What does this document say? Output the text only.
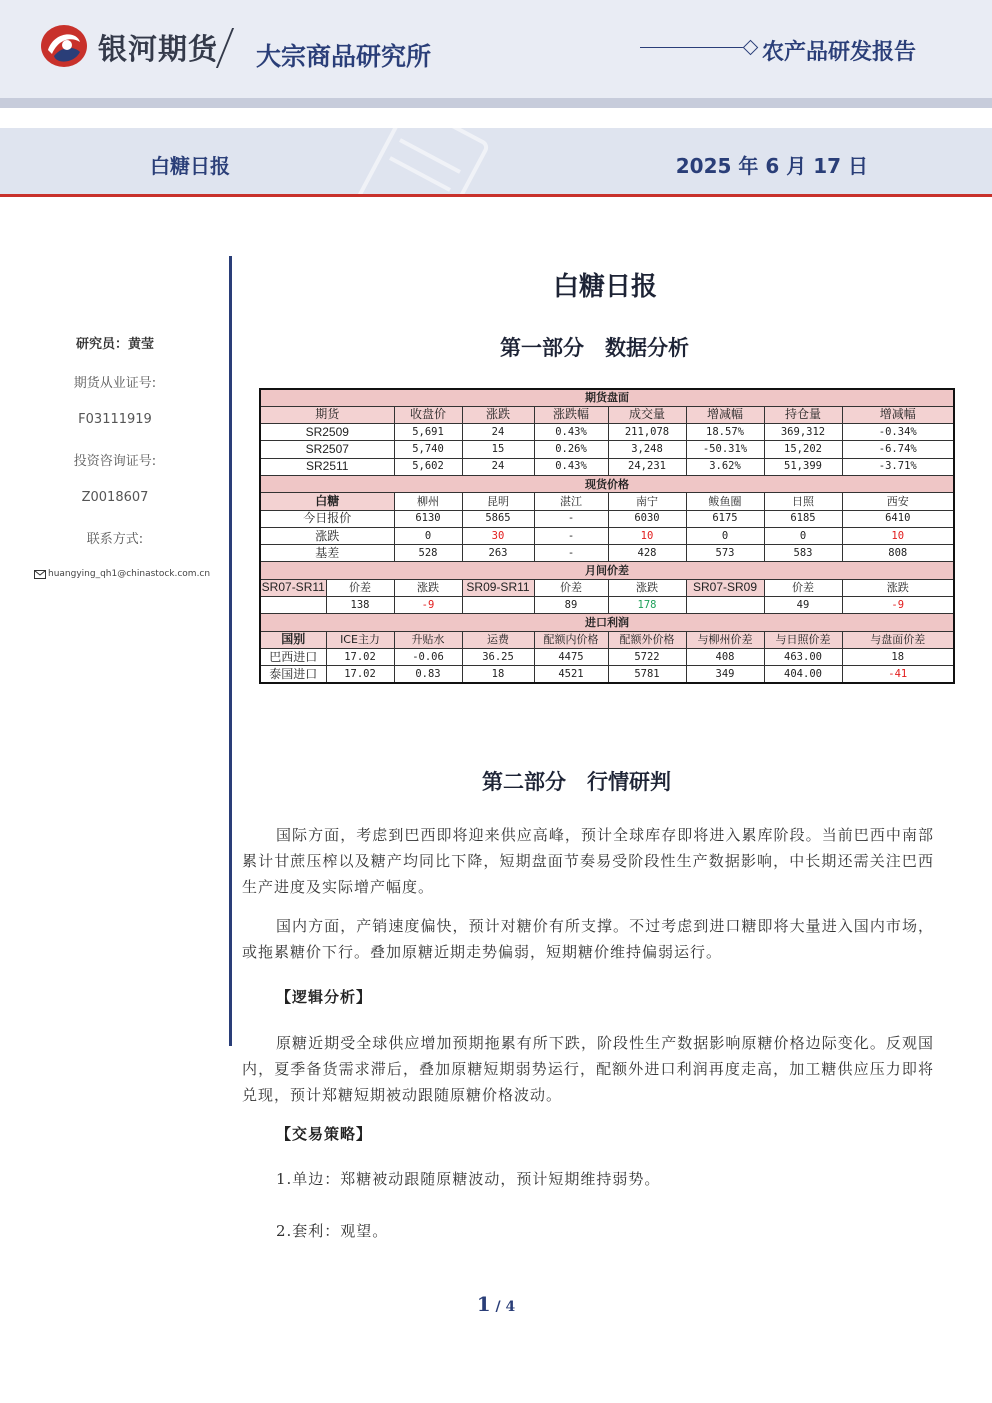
银河期货 大宗商品研究所	农产品研发报告
白糖日报	2025 年 6 月 17 日
研究员：黄莹
期货从业证号:
F03111919
投资咨询证号:
Z0018607
联系方式:
huangying_qh1@chinastock.com.cn
白糖日报
第一部分　数据分析
期货盘面								
期货		收盘价	涨跌	涨跌幅	成交量	增减幅	持仓量	增减幅
SR2509		5,691	24	0.43%	211,078	18.57%	369,312	-0.34%
SR2507		5,740	15	0.26%	3,248	-50.31%	15,202	-6.74%
SR2511		5,602	24	0.43%	24,231	3.62%	51,399	-3.71%
现货价格								
白糖		柳州	昆明	湛江	南宁	鲅鱼圈	日照	西安
今日报价		6130	5865	-	6030	6175	6185	6410
涨跌		0	30	-	10	0	0	10
基差		528	263	-	428	573	583	808
月间价差								
SR07-SR11	价差	涨跌	SR09-SR11	价差	涨跌	SR07-SR09	价差	涨跌
	138	-9		89	178		49	-9
进口利润								
国别	ICE主力	升贴水	运费	配额内价格	配额外价格	与柳州价差	与日照价差	与盘面价差
巴西进口	17.02	-0.06	36.25	4475	5722	408	463.00	18
泰国进口	17.02	0.83	18	4521	5781	349	404.00	-41
第二部分　行情研判

国际方面，考虑到巴西即将迎来供应高峰，预计全球库存即将进入累库阶段。当前巴西中南部累计甘蔗压榨以及糖产均同比下降，短期盘面节奏易受阶段性生产数据影响，中长期还需关注巴西生产进度及实际增产幅度。

国内方面，产销速度偏快，预计对糖价有所支撑。不过考虑到进口糖即将大量进入国内市场，或拖累糖价下行。叠加原糖近期走势偏弱，短期糖价维持偏弱运行。

【逻辑分析】

原糖近期受全球供应增加预期拖累有所下跌，阶段性生产数据影响原糖价格边际变化。反观国内，夏季备货需求滞后，叠加原糖短期弱势运行，配额外进口利润再度走高，加工糖供应压力即将兑现，预计郑糖短期被动跟随原糖价格波动。

【交易策略】
1.单边：郑糖被动跟随原糖波动，预计短期维持弱势。
2.套利：观望。
1 / 4
